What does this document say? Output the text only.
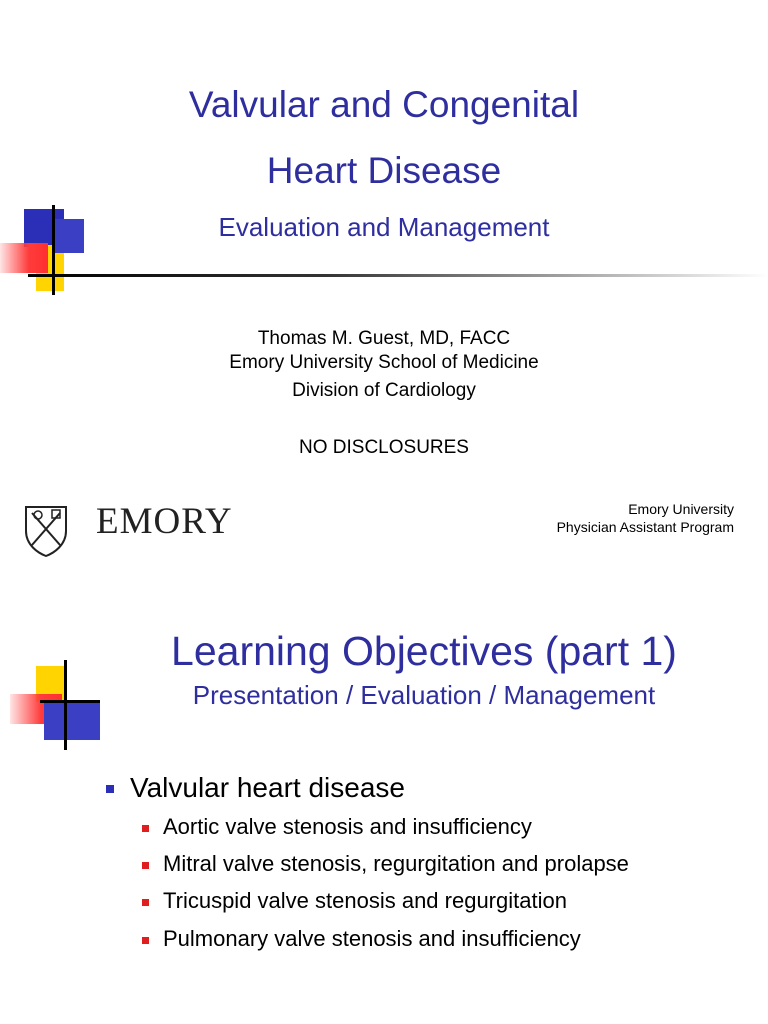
Valvular and Congenital
Heart Disease
Evaluation and Management
Thomas M. Guest, MD, FACC
Emory University School of Medicine
Division of Cardiology
NO DISCLOSURES
EMORY	Emory University
Physician Assistant Program
Learning Objectives (part 1)
Presentation / Evaluation / Management
Valvular heart disease
Aortic valve stenosis and insufficiency
Mitral valve stenosis, regurgitation and prolapse
Tricuspid valve stenosis and regurgitation
Pulmonary valve stenosis and insufficiency
